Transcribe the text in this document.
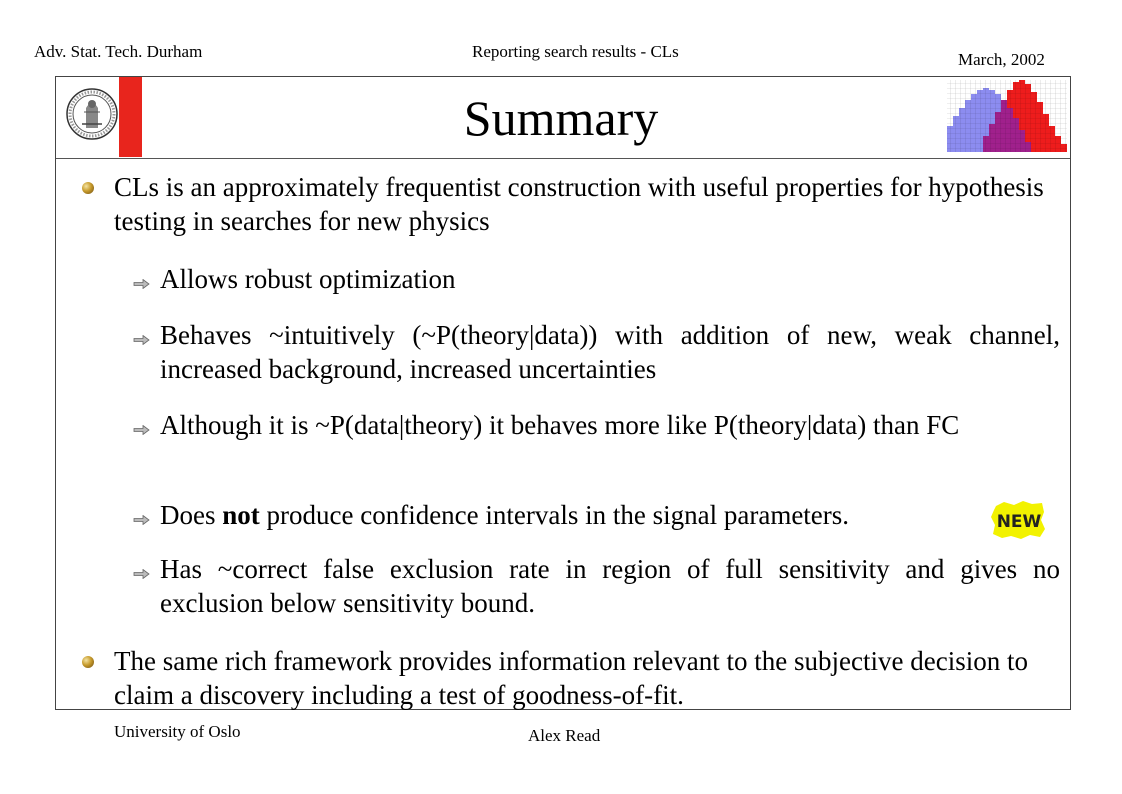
Adv. Stat. Tech. Durham	Reporting search results - CLs	March, 2002
Summary
CLs is an approximately frequentist construction with useful properties for hypothesis testing in searches for new physics
Allows robust optimization
Behaves ~intuitively (~P(theory|data)) with addition of new, weak channel, increased background, increased uncertainties
Although it is ~P(data|theory) it behaves more like P(theory|data) than FC
Does not produce confidence intervals in the signal parameters.	NEW
Has ~correct false exclusion rate in region of full sensitivity and gives no exclusion below sensitivity bound.
The same rich framework provides information relevant to the subjective decision to claim a discovery including a test of goodness-of-fit.
University of Oslo	Alex Read
